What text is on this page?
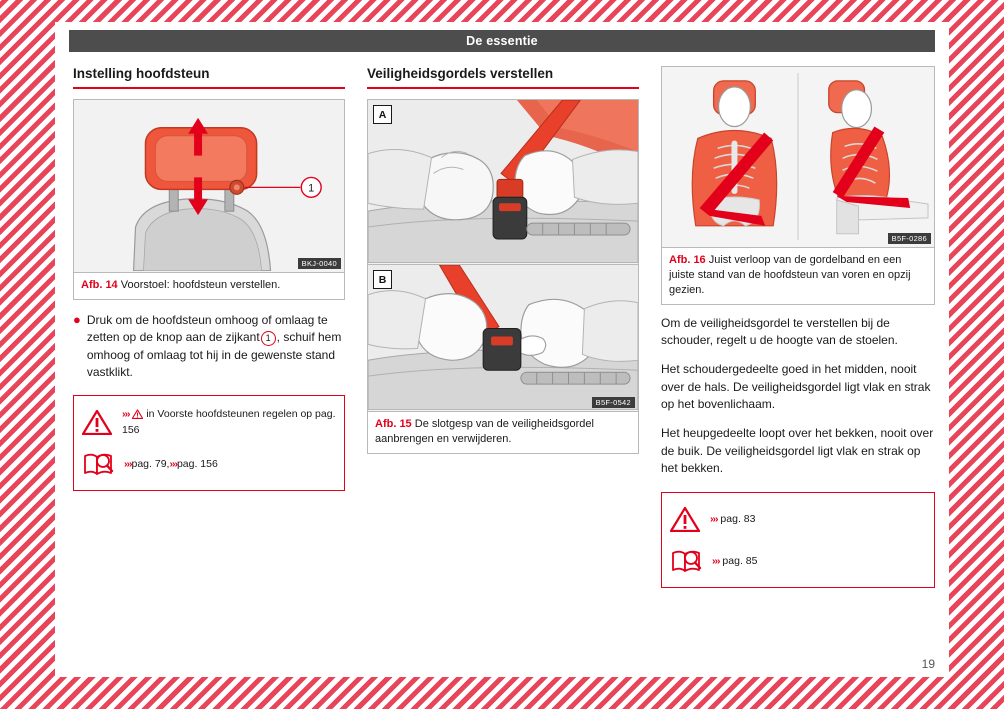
De essentie
Instelling hoofdsteun
1
BKJ-0040
Afb. 14 Voorstoel: hoofdsteun verstellen.
● Druk om de hoofdsteun omhoog of omlaag te zetten op de knop aan de zijkant 1 , schuif hem omhoog of omlaag tot hij in de gewenste stand vastklikt.
››› in Voorste hoofdsteunen regelen op pag. 156
›››pag. 79,›››pag. 156
Veiligheidsgordels verstellen
A
B
B5F-0542
Afb. 15 De slotgesp van de veiligheidsgordel aanbrengen en verwijderen.
B5F-0286
Afb. 16 Juist verloop van de gordelband en een juiste stand van de hoofdsteun van voren en opzij gezien.

Om de veiligheidsgordel te verstellen bij de schouder, regelt u de hoogte van de stoelen.

Het schoudergedeelte goed in het midden, nooit over de hals. De veiligheidsgordel ligt vlak en strak op het bovenlichaam.

Het heupgedeelte loopt over het bekken, nooit over de buik. De veiligheidsgordel ligt vlak en strak op het bekken.

››› pag. 83
››› pag. 85
19
